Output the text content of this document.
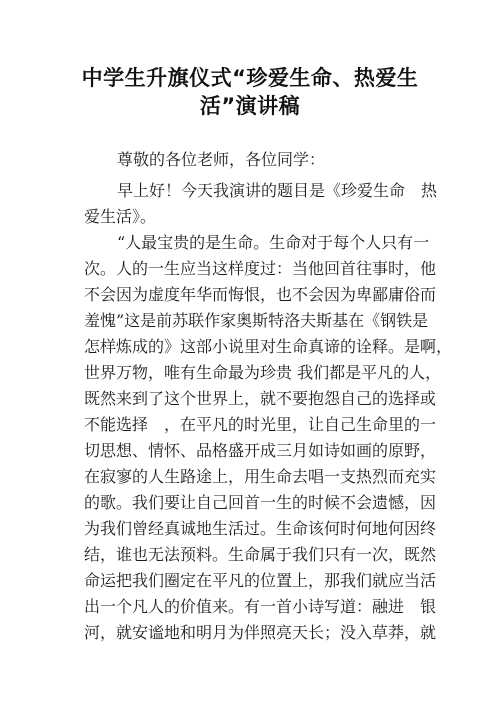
中学生升旗仪式“珍爱生命、热爱生
活”演讲稿
尊敬的各位老师，各位同学：
早上好！今天我演讲的题目是《珍爱生命　热
爱生活》。
“人最宝贵的是生命。生命对于每个人只有一
次。人的一生应当这样度过：当他回首往事时，他
不会因为虚度年华而悔恨，也不会因为卑鄙庸俗而
羞愧”这是前苏联作家奥斯特洛夫斯基在《钢铁是
怎样炼成的》这部小说里对生命真谛的诠释。是啊，
世界万物，唯有生命最为珍贵 我们都是平凡的人，
既然来到了这个世界上，就不要抱怨自己的选择或
不能选择　，在平凡的时光里，让自己生命里的一
切思想、情怀、品格盛开成三月如诗如画的原野，
在寂寥的人生路途上，用生命去唱一支热烈而充实
的歌。我们要让自己回首一生的时候不会遗憾，因
为我们曾经真诚地生活过。生命该何时何地何因终
结，谁也无法预料。生命属于我们只有一次，既然
命运把我们圈定在平凡的位置上，那我们就应当活
出一个凡人的价值来。有一首小诗写道：融进　银
河，就安谧地和明月为伴照亮天长；没入草莽，就
